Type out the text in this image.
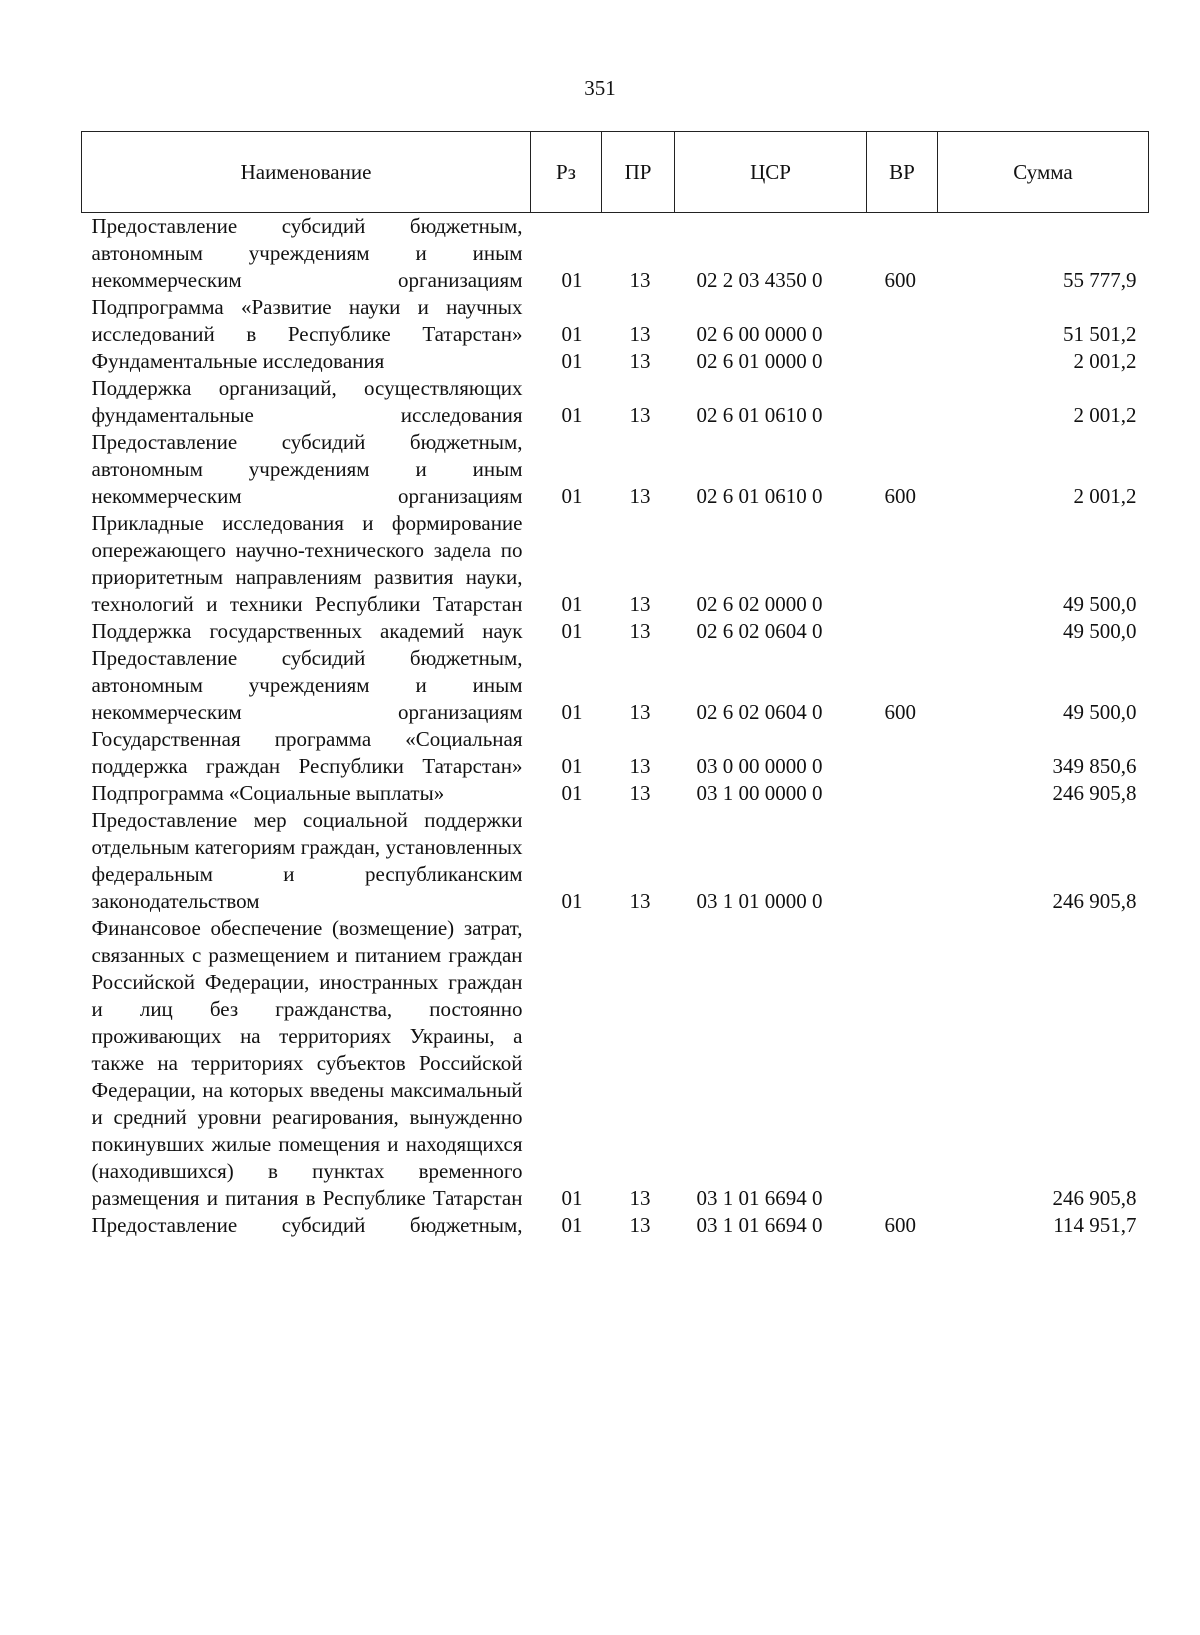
351
Наименование	Рз	ПР	ЦСР	ВР	Сумма
Предоставление субсидий бюджетным, автономным учреждениям и иным некоммерческим организациям	01	13	02 2 03 4350 0	600	55 777,9
Подпрограмма «Развитие науки и научных исследований в Республике Татарстан»	01	13	02 6 00 0000 0		51 501,2
Фундаментальные исследования	01	13	02 6 01 0000 0		2 001,2
Поддержка организаций, осуществляющих фундаментальные исследования	01	13	02 6 01 0610 0		2 001,2
Предоставление субсидий бюджетным, автономным учреждениям и иным некоммерческим организациям	01	13	02 6 01 0610 0	600	2 001,2
Прикладные исследования и формирование опережающего научно-технического задела по приоритетным направлениям развития науки, технологий и техники Республики Татарстан	01	13	02 6 02 0000 0		49 500,0
Поддержка государственных академий наук	01	13	02 6 02 0604 0		49 500,0
Предоставление субсидий бюджетным, автономным учреждениям и иным некоммерческим организациям	01	13	02 6 02 0604 0	600	49 500,0
Государственная программа «Социальная поддержка граждан Республики Татарстан»	01	13	03 0 00 0000 0		349 850,6
Подпрограмма «Социальные выплаты»	01	13	03 1 00 0000 0		246 905,8
Предоставление мер социальной поддержки отдельным категориям граждан, установленных федеральным и республиканским законодательством	01	13	03 1 01 0000 0		246 905,8
Финансовое обеспечение (возмещение) затрат, связанных с размещением и питанием граждан Российской Федерации, иностранных граждан и лиц без гражданства, постоянно проживающих на территориях Украины, а также на территориях субъектов Российской Федерации, на которых введены максимальный и средний уровни реагирования, вынужденно покинувших жилые помещения и находящихся (находившихся) в пунктах временного размещения и питания в Республике Татарстан	01	13	03 1 01 6694 0		246 905,8
Предоставление субсидий бюджетным,	01	13	03 1 01 6694 0	600	114 951,7
